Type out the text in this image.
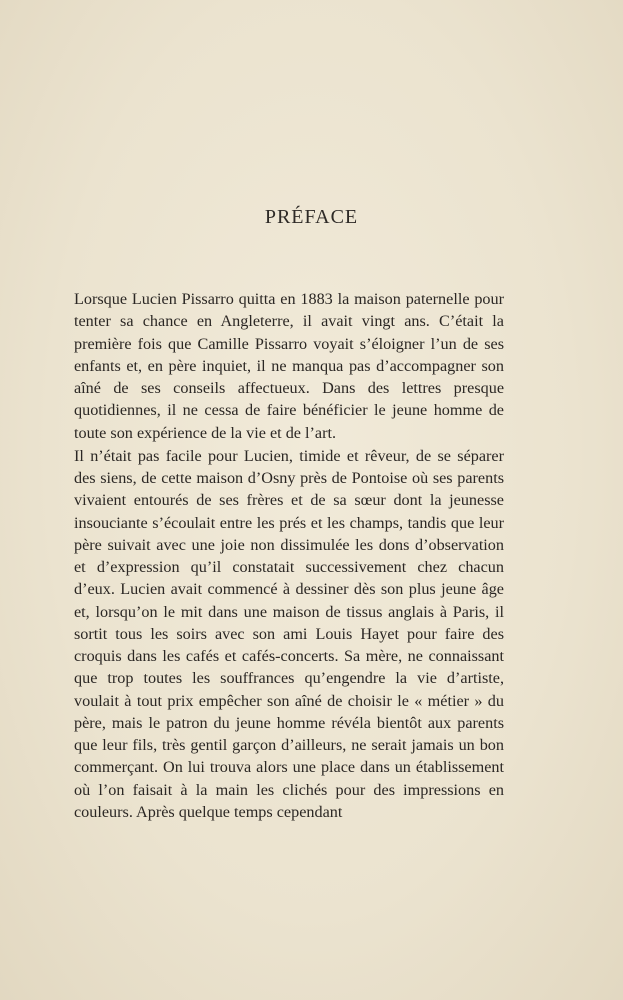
PRÉFACE

Lorsque Lucien Pissarro quitta en 1883 la maison paternelle pour tenter sa chance en Angleterre, il avait vingt ans. C’était la première fois que Camille Pissarro voyait s’éloigner l’un de ses enfants et, en père inquiet, il ne manqua pas d’accompagner son aîné de ses conseils affectueux. Dans des lettres presque quotidiennes, il ne cessa de faire bénéficier le jeune homme de toute son expérience de la vie et de l’art.

Il n’était pas facile pour Lucien, timide et rêveur, de se séparer des siens, de cette maison d’Osny près de Pontoise où ses parents vivaient entourés de ses frères et de sa sœur dont la jeunesse insouciante s’écoulait entre les prés et les champs, tandis que leur père suivait avec une joie non dissimulée les dons d’observation et d’expression qu’il constatait successivement chez chacun d’eux. Lucien avait commencé à dessiner dès son plus jeune âge et, lorsqu’on le mit dans une maison de tissus anglais à Paris, il sortit tous les soirs avec son ami Louis Hayet pour faire des croquis dans les cafés et cafés-concerts. Sa mère, ne connaissant que trop toutes les souffrances qu’engendre la vie d’artiste, voulait à tout prix empêcher son aîné de choisir le « métier » du père, mais le patron du jeune homme révéla bientôt aux parents que leur fils, très gentil garçon d’ailleurs, ne serait jamais un bon commerçant. On lui trouva alors une place dans un établissement où l’on faisait à la main les clichés pour des impressions en couleurs. Après quelque temps cependant
